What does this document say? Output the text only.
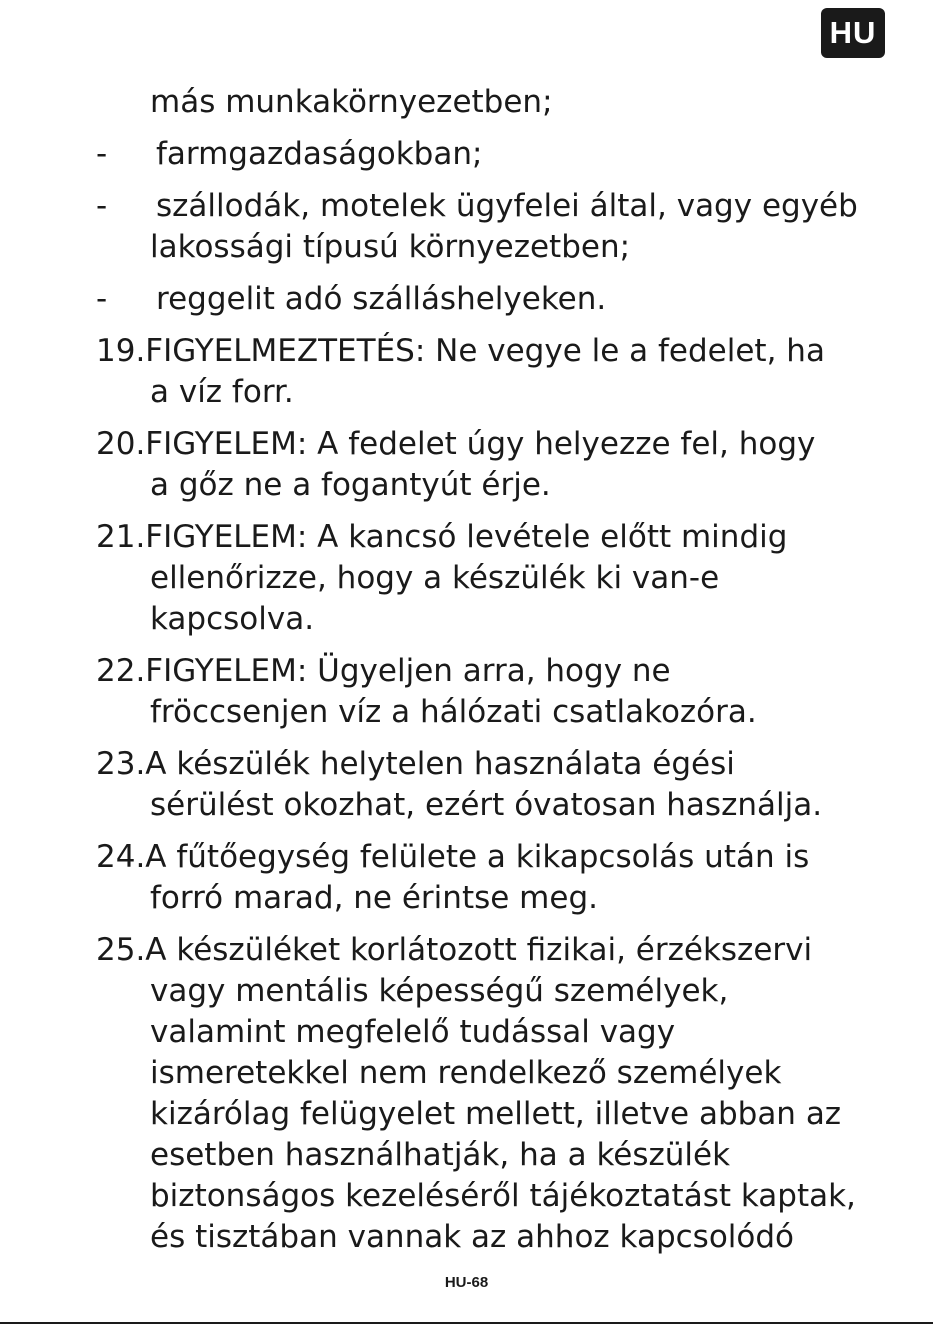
HU
más munkakörnyezetben;
-	farmgazdaságokban;
-	szállodák, motelek ügyfelei által, vagy egyéb
lakossági típusú környezetben;
-	reggelit adó szálláshelyeken.
19.FIGYELMEZTETÉS: Ne vegye le a fedelet, ha
a víz forr.
20.FIGYELEM: A fedelet úgy helyezze fel, hogy
a gőz ne a fogantyút érje.
21.FIGYELEM: A kancsó levétele előtt mindig
ellenőrizze, hogy a készülék ki van-e
kapcsolva.
22.FIGYELEM: Ügyeljen arra, hogy ne
fröccsenjen víz a hálózati csatlakozóra.
23.A készülék helytelen használata égési
sérülést okozhat, ezért óvatosan használja.
24.A fűtőegység felülete a kikapcsolás után is
forró marad, ne érintse meg.
25.A készüléket korlátozott fizikai, érzékszervi
vagy mentális képességű személyek,
valamint megfelelő tudással vagy
ismeretekkel nem rendelkező személyek
kizárólag felügyelet mellett, illetve abban az
esetben használhatják, ha a készülék
biztonságos kezeléséről tájékoztatást kaptak,
és tisztában vannak az ahhoz kapcsolódó
HU-68
